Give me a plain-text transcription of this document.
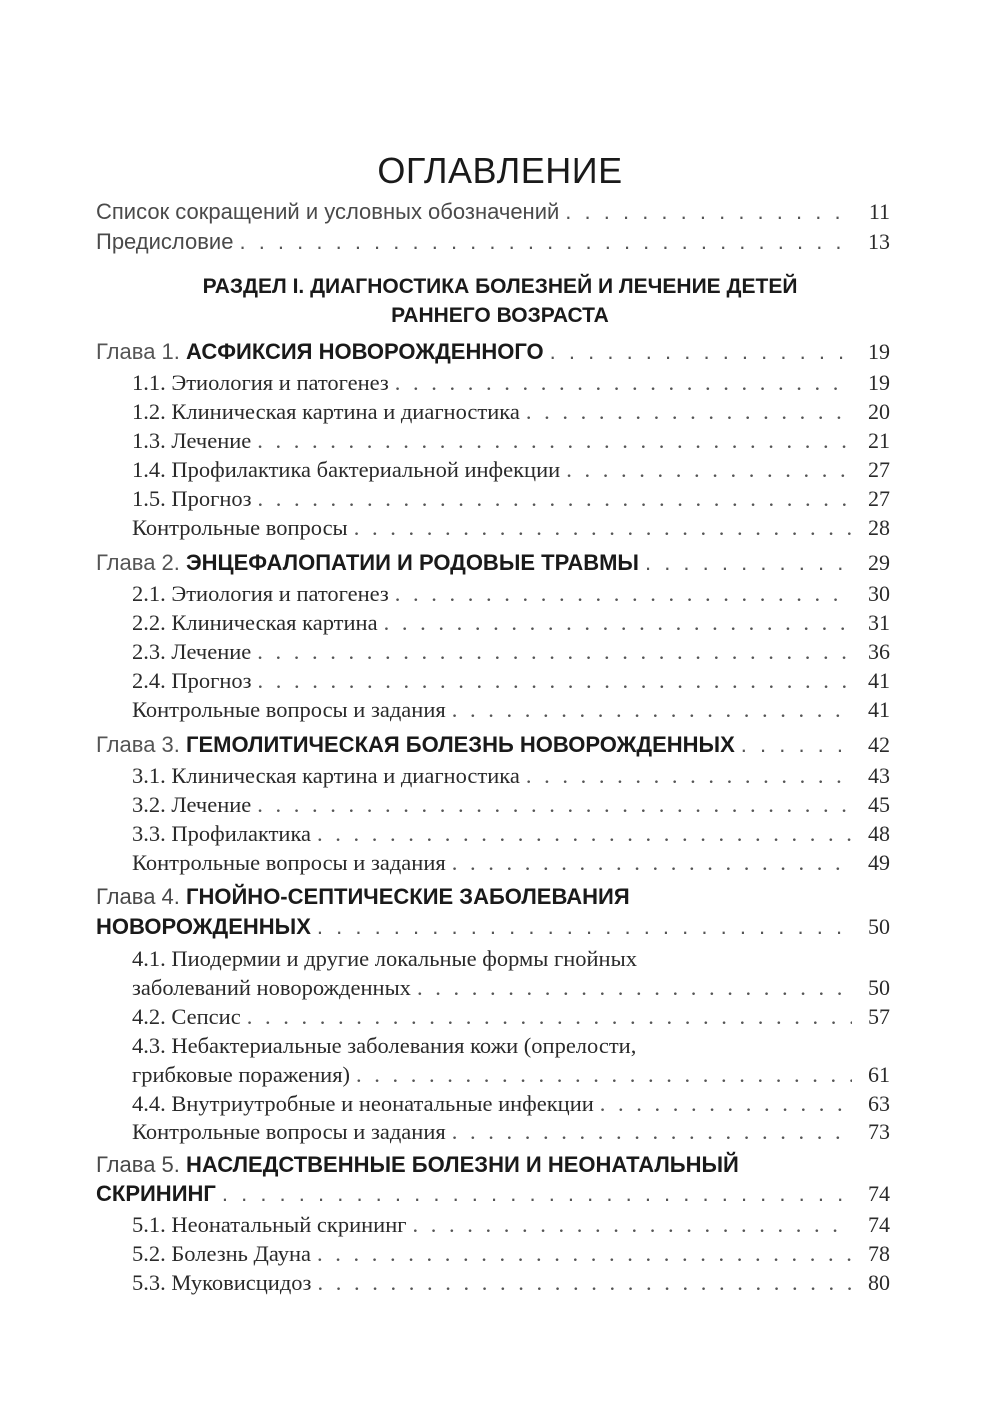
ОГЛАВЛЕНИЕ
Список сокращений и условных обозначений . . .	11
Предисловие . . .	13
РАЗДЕЛ I. ДИАГНОСТИКА БОЛЕЗНЕЙ И ЛЕЧЕНИЕ ДЕТЕЙ
РАННЕГО ВОЗРАСТА
Глава 1. АСФИКСИЯ НОВОРОЖДЕННОГО . . .	19
1.1. Этиология и патогенез . . .	19
1.2. Клиническая картина и диагностика . . .	20
1.3. Лечение . . .	21
1.4. Профилактика бактериальной инфекции . . .	27
1.5. Прогноз . . .	27
Контрольные вопросы . . .	28
Глава 2. ЭНЦЕФАЛОПАТИИ И РОДОВЫЕ ТРАВМЫ . . .	29
2.1. Этиология и патогенез . . .	30
2.2. Клиническая картина . . .	31
2.3. Лечение . . .	36
2.4. Прогноз . . .	41
Контрольные вопросы и задания . . .	41
Глава 3. ГЕМОЛИТИЧЕСКАЯ БОЛЕЗНЬ НОВОРОЖДЕННЫХ . . .	42
3.1. Клиническая картина и диагностика . . .	43
3.2. Лечение . . .	45
3.3. Профилактика . . .	48
Контрольные вопросы и задания . . .	49
Глава 4. ГНОЙНО-СЕПТИЧЕСКИЕ ЗАБОЛЕВАНИЯ
НОВОРОЖДЕННЫХ . . .	50
4.1. Пиодермии и другие локальные формы гнойных
заболеваний новорожденных . . .	50
4.2. Сепсис . . .	57
4.3. Небактериальные заболевания кожи (опрелости,
грибковые поражения) . . .	61
4.4. Внутриутробные и неонатальные инфекции . . .	63
Контрольные вопросы и задания . . .	73
Глава 5. НАСЛЕДСТВЕННЫЕ БОЛЕЗНИ И НЕОНАТАЛЬНЫЙ
СКРИНИНГ . . .	74
5.1. Неонатальный скрининг . . .	74
5.2. Болезнь Дауна . . .	78
5.3. Муковисцидоз . . .	80
